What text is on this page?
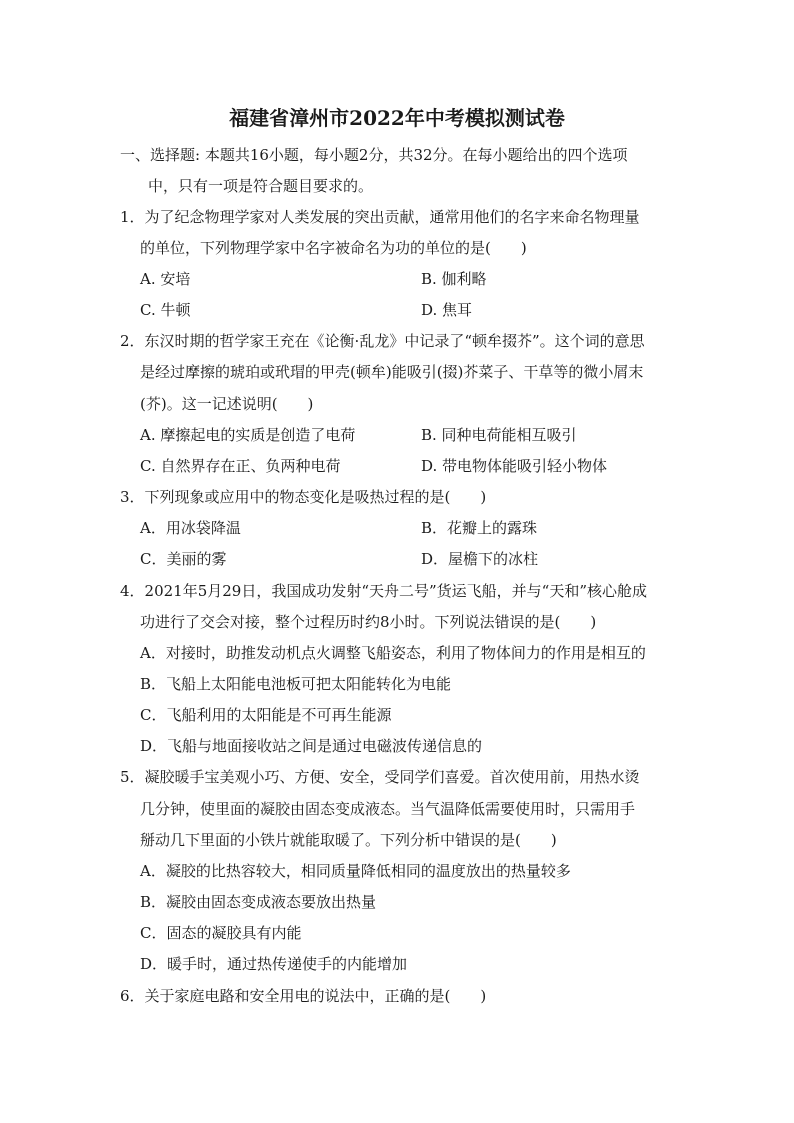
福建省漳州市2022年中考模拟测试卷
一、选择题: 本题共16小题，每小题2分，共32分。在每小题给出的四个选项
中，只有一项是符合题目要求的。
1．为了纪念物理学家对人类发展的突出贡献，通常用他们的名字来命名物理量
的单位，下列物理学家中名字被命名为功的单位的是(　　)
A. 安培	B. 伽利略
C. 牛顿	D. 焦耳
2．东汉时期的哲学家王充在《论衡·乱龙》中记录了“顿牟掇芥”。这个词的意思
是经过摩擦的琥珀或玳瑁的甲壳(顿牟)能吸引(掇)芥菜子、干草等的微小屑末
(芥)。这一记述说明(　　)
A. 摩擦起电的实质是创造了电荷	B. 同种电荷能相互吸引
C. 自然界存在正、负两种电荷	D. 带电物体能吸引轻小物体
3．下列现象或应用中的物态变化是吸热过程的是(　　)
A．用冰袋降温	B．花瓣上的露珠
C．美丽的雾	D．屋檐下的冰柱
4．2021年5月29日，我国成功发射“天舟二号”货运飞船，并与“天和”核心舱成
功进行了交会对接，整个过程历时约8小时。下列说法错误的是(　　)
A．对接时，助推发动机点火调整飞船姿态，利用了物体间力的作用是相互的
B．飞船上太阳能电池板可把太阳能转化为电能
C．飞船利用的太阳能是不可再生能源
D．飞船与地面接收站之间是通过电磁波传递信息的
5．凝胶暖手宝美观小巧、方便、安全，受同学们喜爱。首次使用前，用热水烫
几分钟，使里面的凝胶由固态变成液态。当气温降低需要使用时，只需用手
掰动几下里面的小铁片就能取暖了。下列分析中错误的是(　　)
A．凝胶的比热容较大，相同质量降低相同的温度放出的热量较多
B．凝胶由固态变成液态要放出热量
C．固态的凝胶具有内能
D．暖手时，通过热传递使手的内能增加
6．关于家庭电路和安全用电的说法中，正确的是(　　)
